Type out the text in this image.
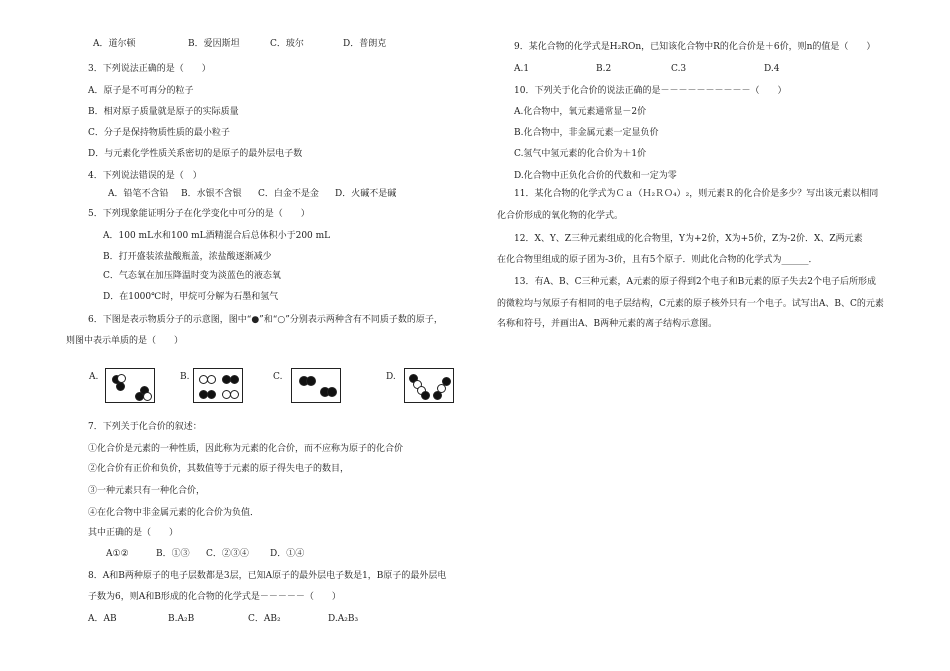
A．道尔顿	B．爱因斯坦	C．玻尔	D．普朗克
3．下列说法正确的是（　　）
A．原子是不可再分的粒子
B．相对原子质量就是原子的实际质量
C．分子是保持物质性质的最小粒子
D．与元素化学性质关系密切的是原子的最外层电子数
4．下列说法错误的是（　）
A．铅笔不含铅 B．水银不含银 C．白金不是金 D．火碱不是碱
5．下列现象能证明分子在化学变化中可分的是（　　）
A．100 mL水和100 mL酒精混合后总体积小于200 mL
B．打开盛装浓盐酸瓶盖，浓盐酸逐渐减少
C．气态氧在加压降温时变为淡蓝色的液态氧
D．在1000℃时，甲烷可分解为石墨和氢气
6．下图是表示物质分子的示意图，图中“●”和“○”分别表示两种含有不同质子数的原子，
则图中表示单质的是（　　）
A.	B.	C.	D.
7．下列关于化合价的叙述：
①化合价是元素的一种性质，因此称为元素的化合价，而不应称为原子的化合价
②化合价有正价和负价，其数值等于元素的原子得失电子的数目，
③一种元素只有一种化合价，
④在化合物中非金属元素的化合价为负值．
其中正确的是（　　）
A①②	B．①③ C．②③④ D．①④
8．A和B两种原子的电子层数都是3层，已知A原子的最外层电子数是1，B原子的最外层电
子数为6，则A和B形成的化合物的化学式是－－－－－（　　）
A．AB	B.A₂B	C．AB₂	D.A₂B₃
9．某化合物的化学式是H₂ROn，已知该化合物中R的化合价是＋6价，则n的值是（　　）
A.1	B.2	C.3	D.4
10．下列关于化合价的说法正确的是－－－－－－－－－－（　　）
A.化合物中，氧元素通常显－2价
B.化合物中，非金属元素一定显负价
C.氢气中氢元素的化合价为＋1价
D.化合物中正负化合价的代数和一定为零
11．某化合物的化学式为Ｃａ（Ｈ₂ＲＯ₄）₂，则元素Ｒ的化合价是多少？写出该元素以相同
化合价形成的氧化物的化学式。
12．X、Y、Z三种元素组成的化合物里，Y为+2价，X为+5价，Z为-2价．X、Z两元素
在化合物里组成的原子团为-3价，且有5个原子．则此化合物的化学式为______．
13．有A、B、C三种元素，A元素的原子得到2个电子和B元素的原子失去2个电子后所形成
的微粒均与氖原子有相同的电子层结构，C元素的原子核外只有一个电子。试写出A、B、C的元素
名称和符号，并画出A、B两种元素的离子结构示意图。
